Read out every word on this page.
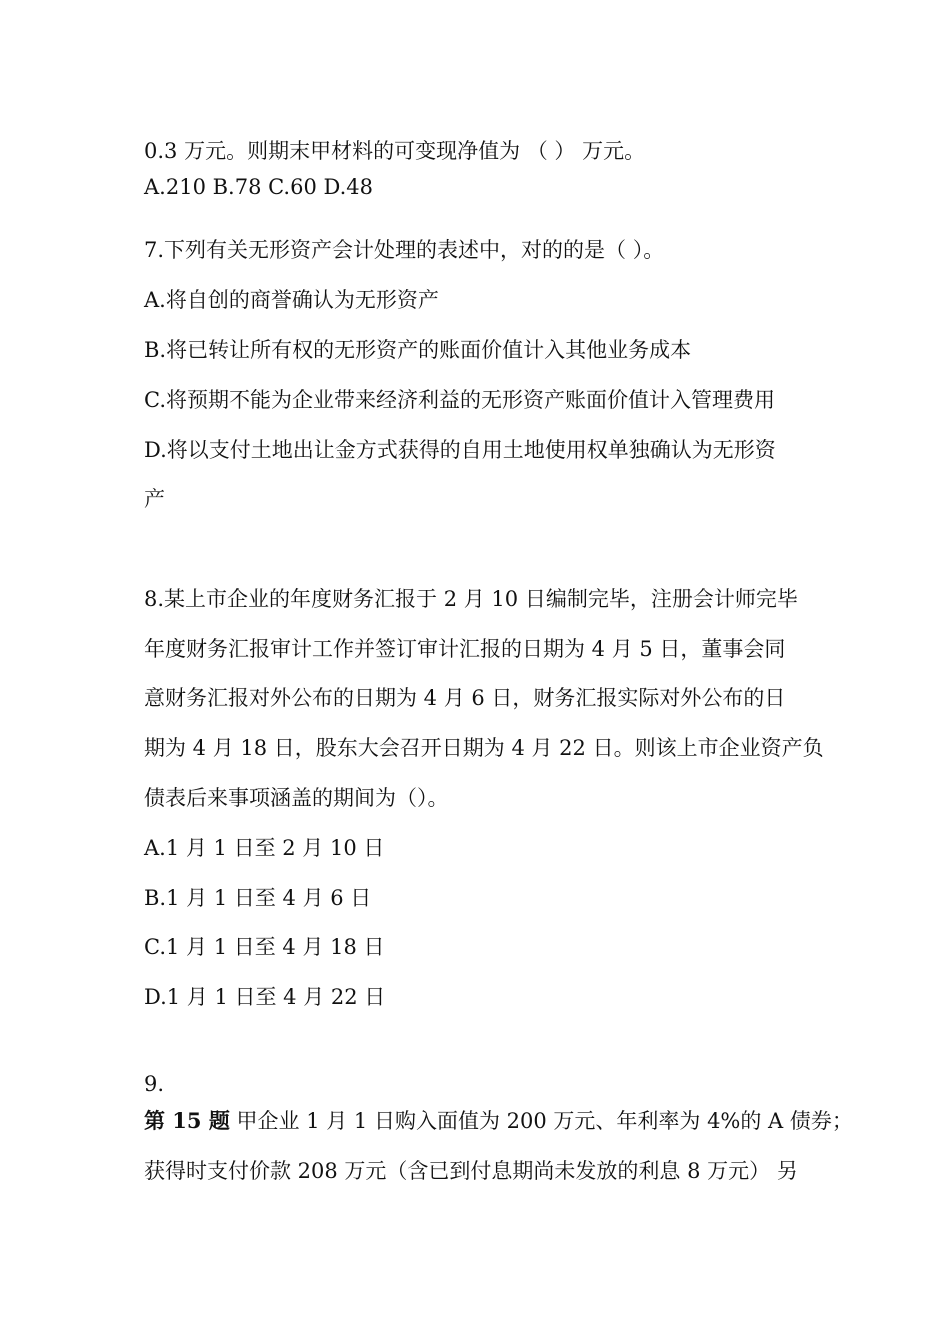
0.3 万元。则期末甲材料的可变现净值为 （ ） 万元。
A.210 B.78 C.60 D.48
7.下列有关无形资产会计处理的表述中，对的的是（ ）。
A.将自创的商誉确认为无形资产
B.将已转让所有权的无形资产的账面价值计入其他业务成本
C.将预期不能为企业带来经济利益的无形资产账面价值计入管理费用
D.将以支付土地出让金方式获得的自用土地使用权单独确认为无形资
产
8.某上市企业的年度财务汇报于 2 月 10 日编制完毕，注册会计师完毕
年度财务汇报审计工作并签订审计汇报的日期为 4 月 5 日，董事会同
意财务汇报对外公布的日期为 4 月 6 日，财务汇报实际对外公布的日
期为 4 月 18 日，股东大会召开日期为 4 月 22 日。则该上市企业资产负
债表后来事项涵盖的期间为（）。
A.1 月 1 日至 2 月 10 日
B.1 月 1 日至 4 月 6 日
C.1 月 1 日至 4 月 18 日
D.1 月 1 日至 4 月 22 日
9.
第 15 题 甲企业 1 月 1 日购入面值为 200 万元、年利率为 4%的 A 债券；
获得时支付价款 208 万元（含已到付息期尚未发放的利息 8 万元） 另
